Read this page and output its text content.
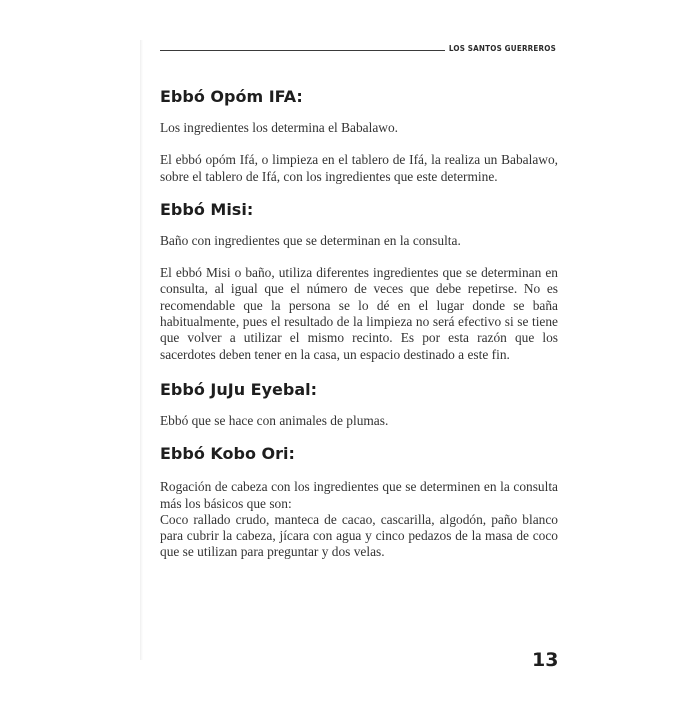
LOS SANTOS GUERREROS
Ebbó Opóm IFA:

Los ingredientes los determina el Babalawo.

El ebbó opóm Ifá, o limpieza en el tablero de Ifá, la realiza un Babalawo, sobre el tablero de Ifá, con los ingredientes que este determine.

Ebbó Misi:

Baño con ingredientes que se determinan en la consulta.

El ebbó Misi o baño, utiliza diferentes ingredientes que se determinan en consulta, al igual que el número de veces que debe repetirse. No es recomendable que la persona se lo dé en el lugar donde se baña habitualmente, pues el resultado de la limpieza no será efectivo si se tiene que volver a utilizar el mismo recinto. Es por esta razón que los sacerdotes deben tener en la casa, un espacio destinado a este fin.

Ebbó JuJu Eyebal:

Ebbó que se hace con animales de plumas.

Ebbó Kobo Ori:

Rogación de cabeza con los ingredientes que se determinen en la consulta más los básicos que son:

Coco rallado crudo, manteca de cacao, cascarilla, algodón, paño blanco para cubrir la cabeza, jícara con agua y cinco pedazos de la masa de coco que se utilizan para preguntar y dos velas.

13
